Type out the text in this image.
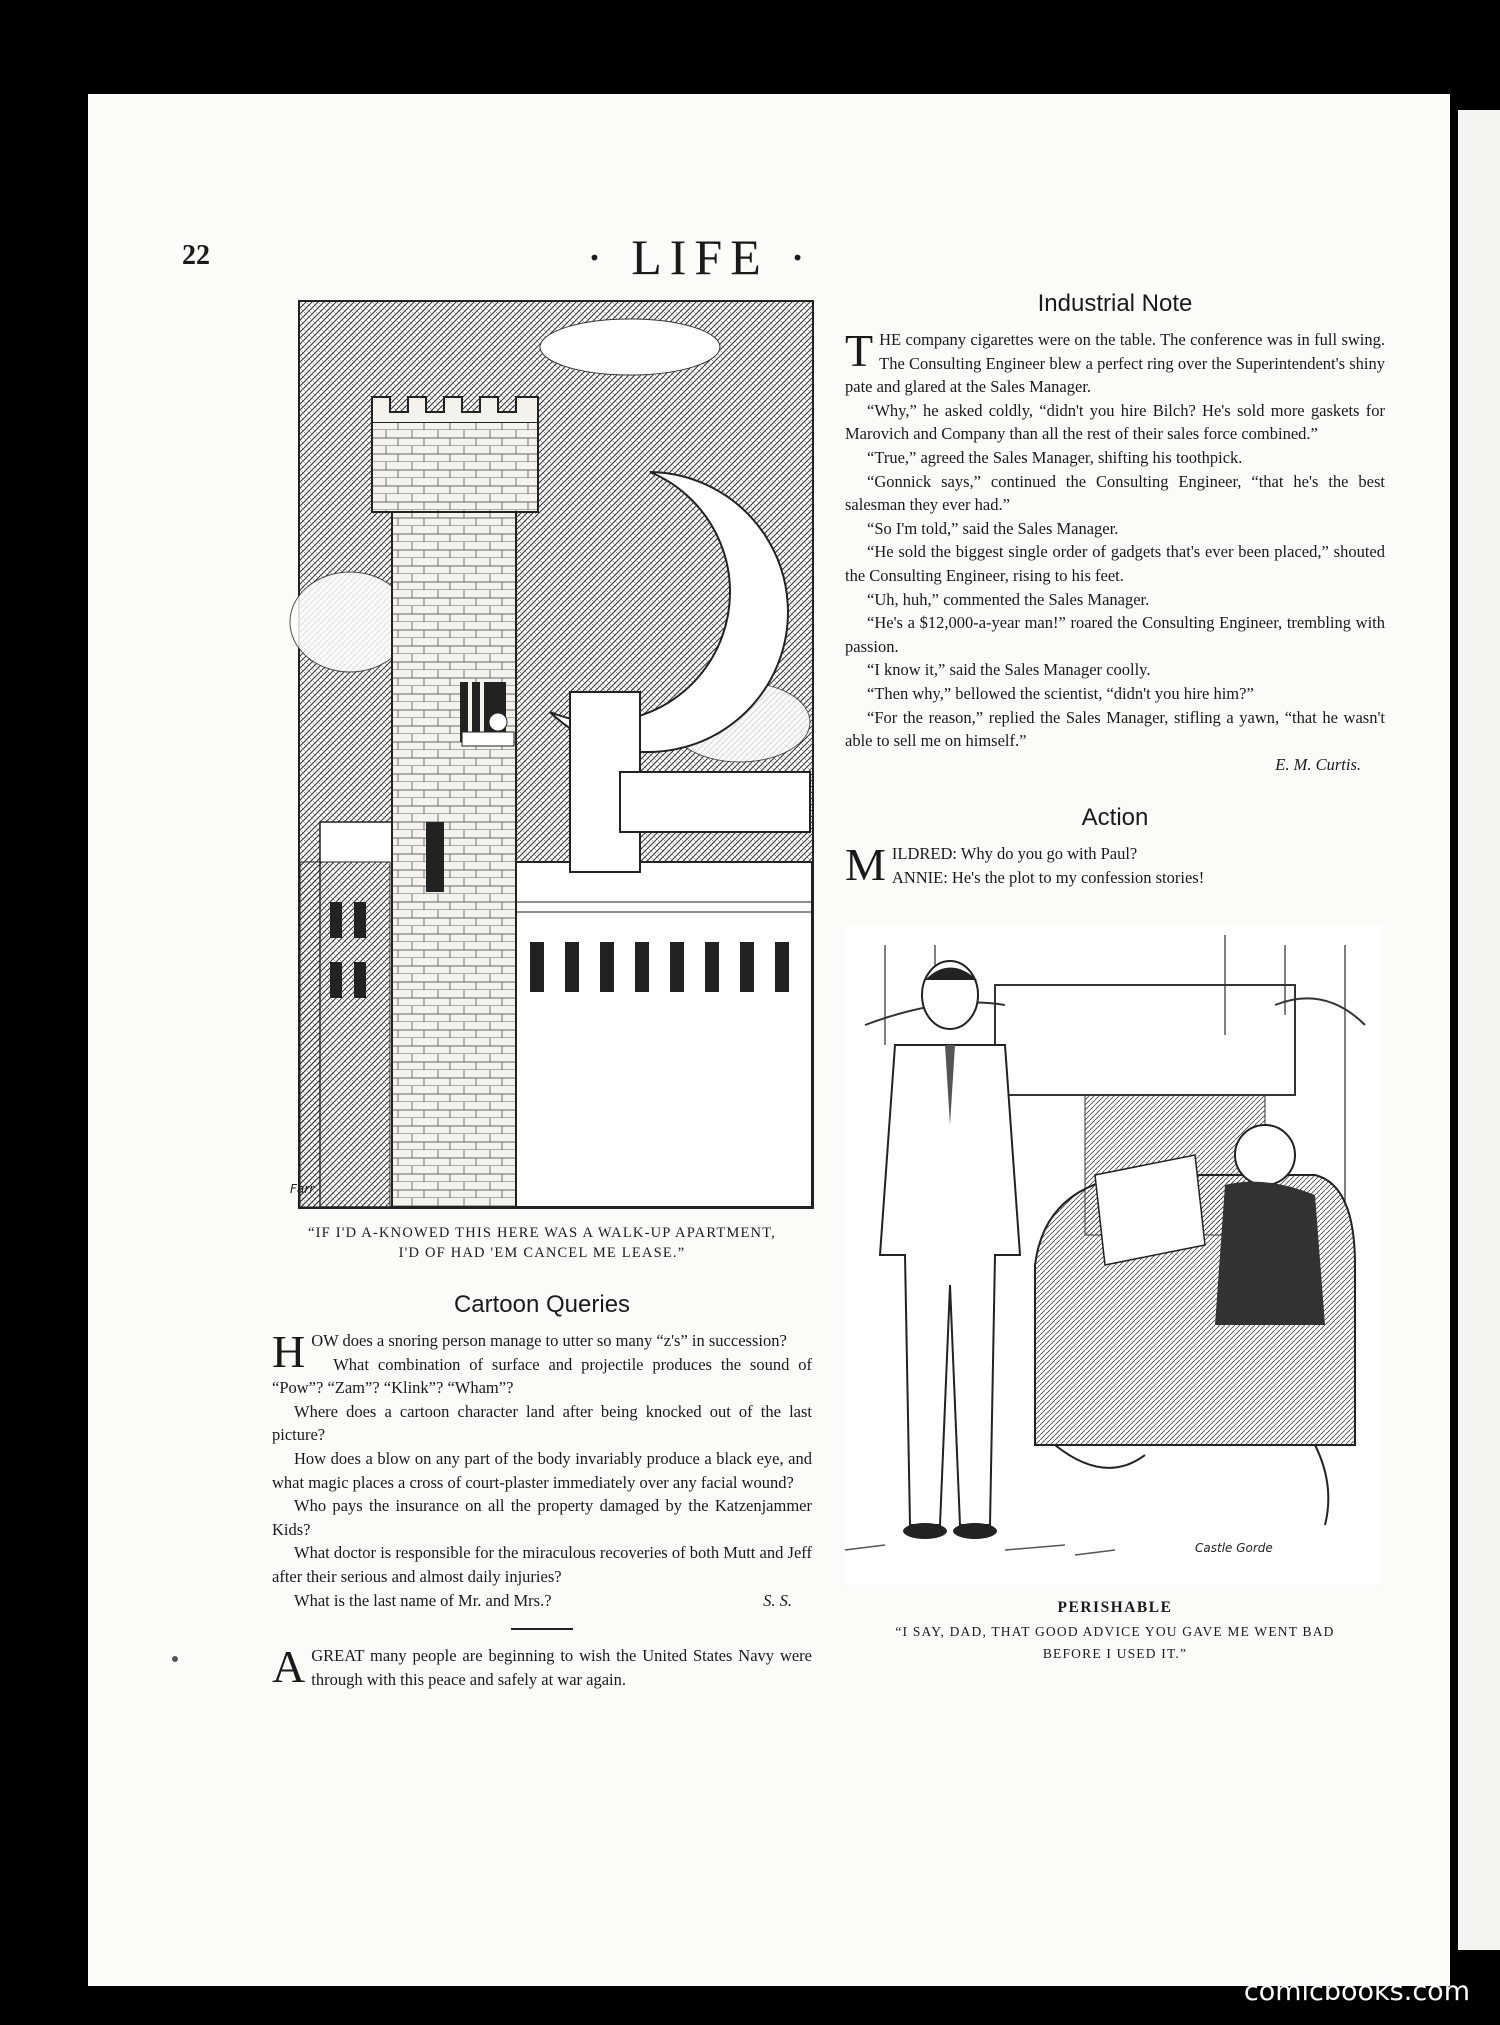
22	· LIFE ·
Farr
“IF I'D A-KNOWED THIS HERE WAS A WALK-UP APARTMENT,
I'D OF HAD 'EM CANCEL ME LEASE.”
Cartoon Queries

HOW does a snoring person manage to utter so many “z's” in succession?

What combination of surface and projectile produces the sound of “Pow”? “Zam”? “Klink”? “Wham”?

Where does a cartoon character land after being knocked out of the last picture?

How does a blow on any part of the body invariably produce a black eye, and what magic places a cross of court-plaster immediately over any facial wound?

Who pays the insurance on all the property damaged by the Katzenjammer Kids?

What doctor is responsible for the miraculous recoveries of both Mutt and Jeff after their serious and almost daily injuries?

What is the last name of Mr. and Mrs.?	S. S.

AGREAT many people are beginning to wish the United States Navy were through with this peace and safely at war again.

Industrial Note

THE company cigarettes were on the table. The conference was in full swing. The Consulting Engineer blew a perfect ring over the Superintendent's shiny pate and glared at the Sales Manager.

“Why,” he asked coldly, “didn't you hire Bilch? He's sold more gaskets for Marovich and Company than all the rest of their sales force combined.”

“True,” agreed the Sales Manager, shifting his toothpick.

“Gonnick says,” continued the Consulting Engineer, “that he's the best salesman they ever had.”

“So I'm told,” said the Sales Manager.

“He sold the biggest single order of gadgets that's ever been placed,” shouted the Consulting Engineer, rising to his feet.

“Uh, huh,” commented the Sales Manager.

“He's a $12,000-a-year man!” roared the Consulting Engineer, trembling with passion.

“I know it,” said the Sales Manager coolly.

“Then why,” bellowed the scientist, “didn't you hire him?”

“For the reason,” replied the Sales Manager, stifling a yawn, “that he wasn't able to sell me on himself.”

E. M. Curtis.

Action

MILDRED: Why do you go with Paul?

ANNIE: He's the plot to my confession stories!

Castle Gorde
PERISHABLE
“I SAY, DAD, THAT GOOD ADVICE YOU GAVE ME WENT BAD
BEFORE I USED IT.”
comicbooks.com
